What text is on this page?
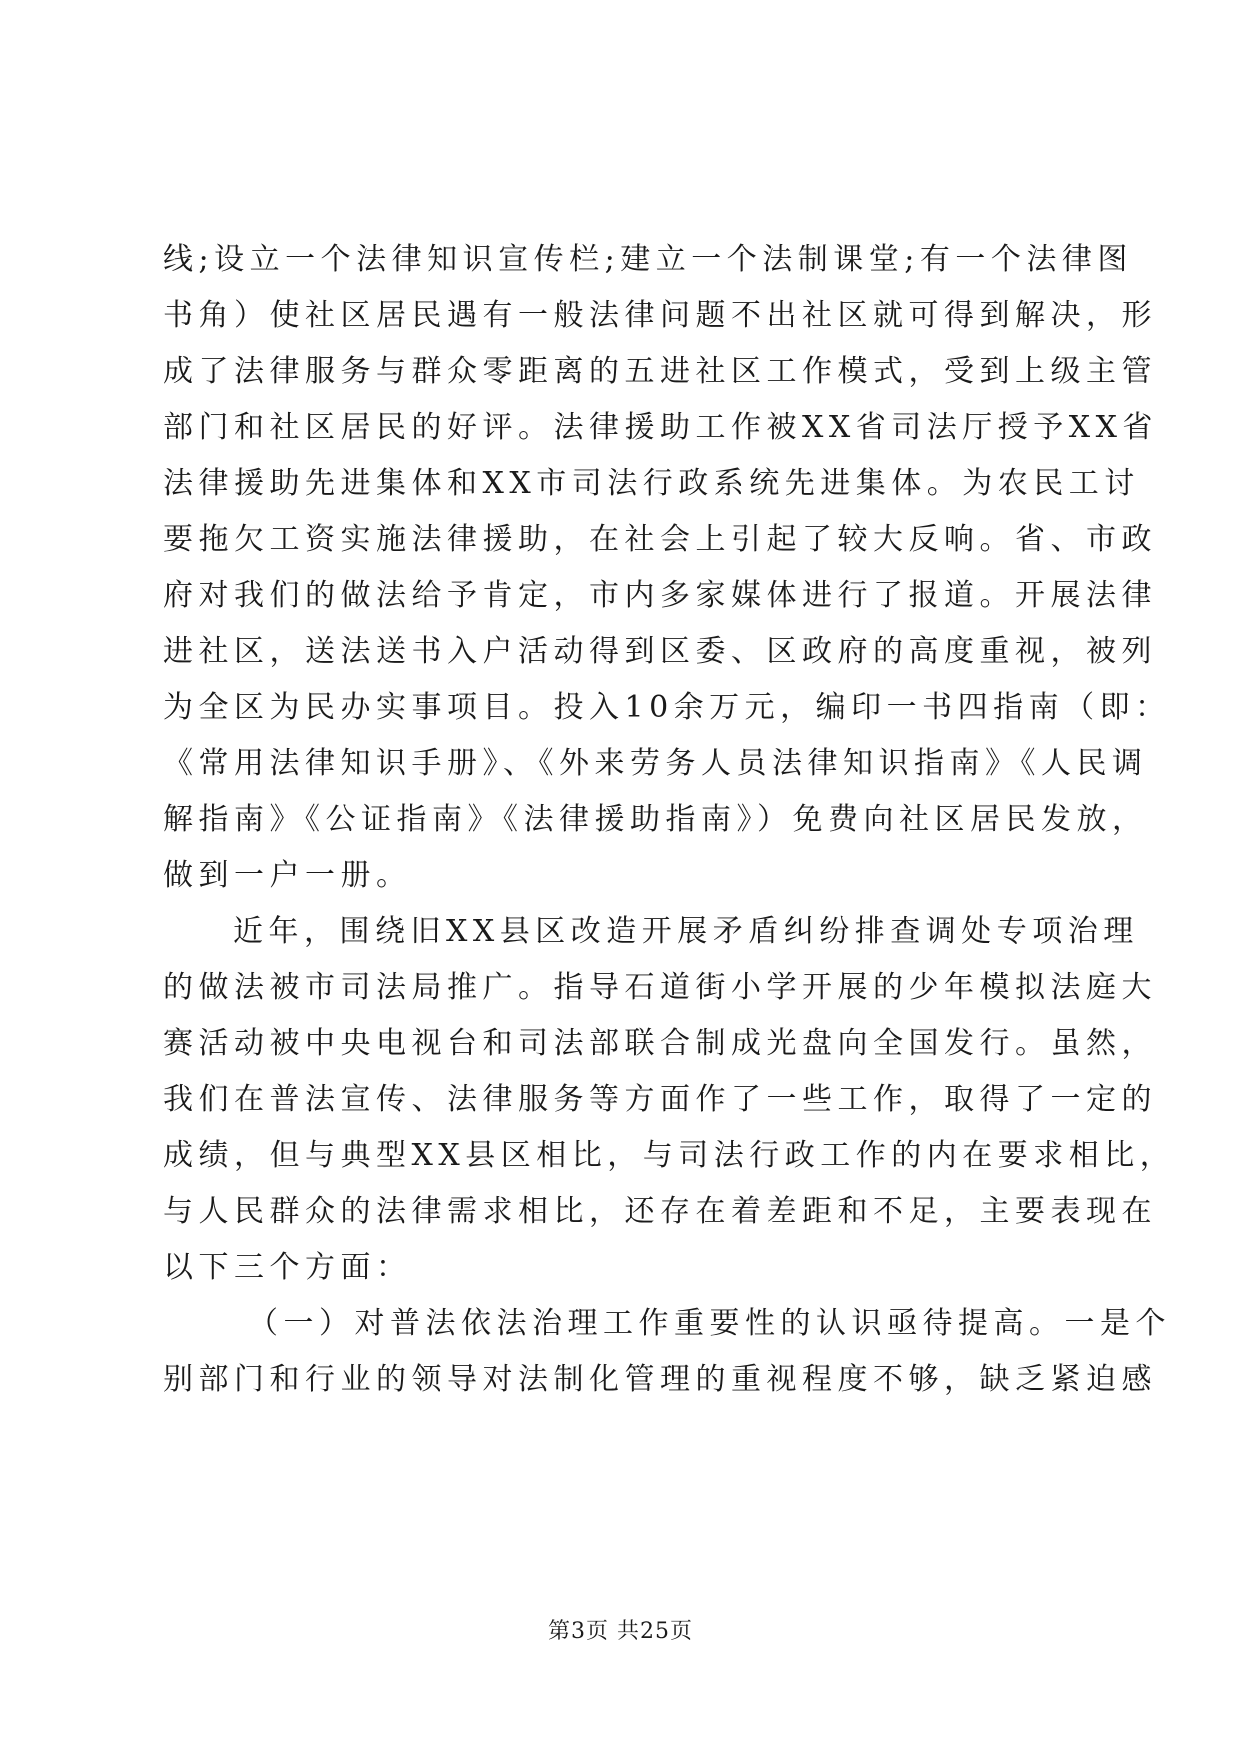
线;设立一个法律知识宣传栏;建立一个法制课堂;有一个法律图
书角）使社区居民遇有一般法律问题不出社区就可得到解决，形
成了法律服务与群众零距离的五进社区工作模式，受到上级主管
部门和社区居民的好评。法律援助工作被XX省司法厅授予XX省
法律援助先进集体和XX市司法行政系统先进集体。为农民工讨
要拖欠工资实施法律援助，在社会上引起了较大反响。省、市政
府对我们的做法给予肯定，市内多家媒体进行了报道。开展法律
进社区，送法送书入户活动得到区委、区政府的高度重视，被列
为全区为民办实事项目。投入10余万元，编印一书四指南（即：
《常用法律知识手册》、《外来劳务人员法律知识指南》《人民调
解指南》《公证指南》《法律援助指南》）免费向社区居民发放，
做到一户一册。
近年，围绕旧XX县区改造开展矛盾纠纷排查调处专项治理
的做法被市司法局推广。指导石道街小学开展的少年模拟法庭大
赛活动被中央电视台和司法部联合制成光盘向全国发行。虽然，
我们在普法宣传、法律服务等方面作了一些工作，取得了一定的
成绩，但与典型XX县区相比，与司法行政工作的内在要求相比，
与人民群众的法律需求相比，还存在着差距和不足，主要表现在
以下三个方面：
（一）对普法依法治理工作重要性的认识亟待提高。一是个
别部门和行业的领导对法制化管理的重视程度不够，缺乏紧迫感
第3页 共25页
